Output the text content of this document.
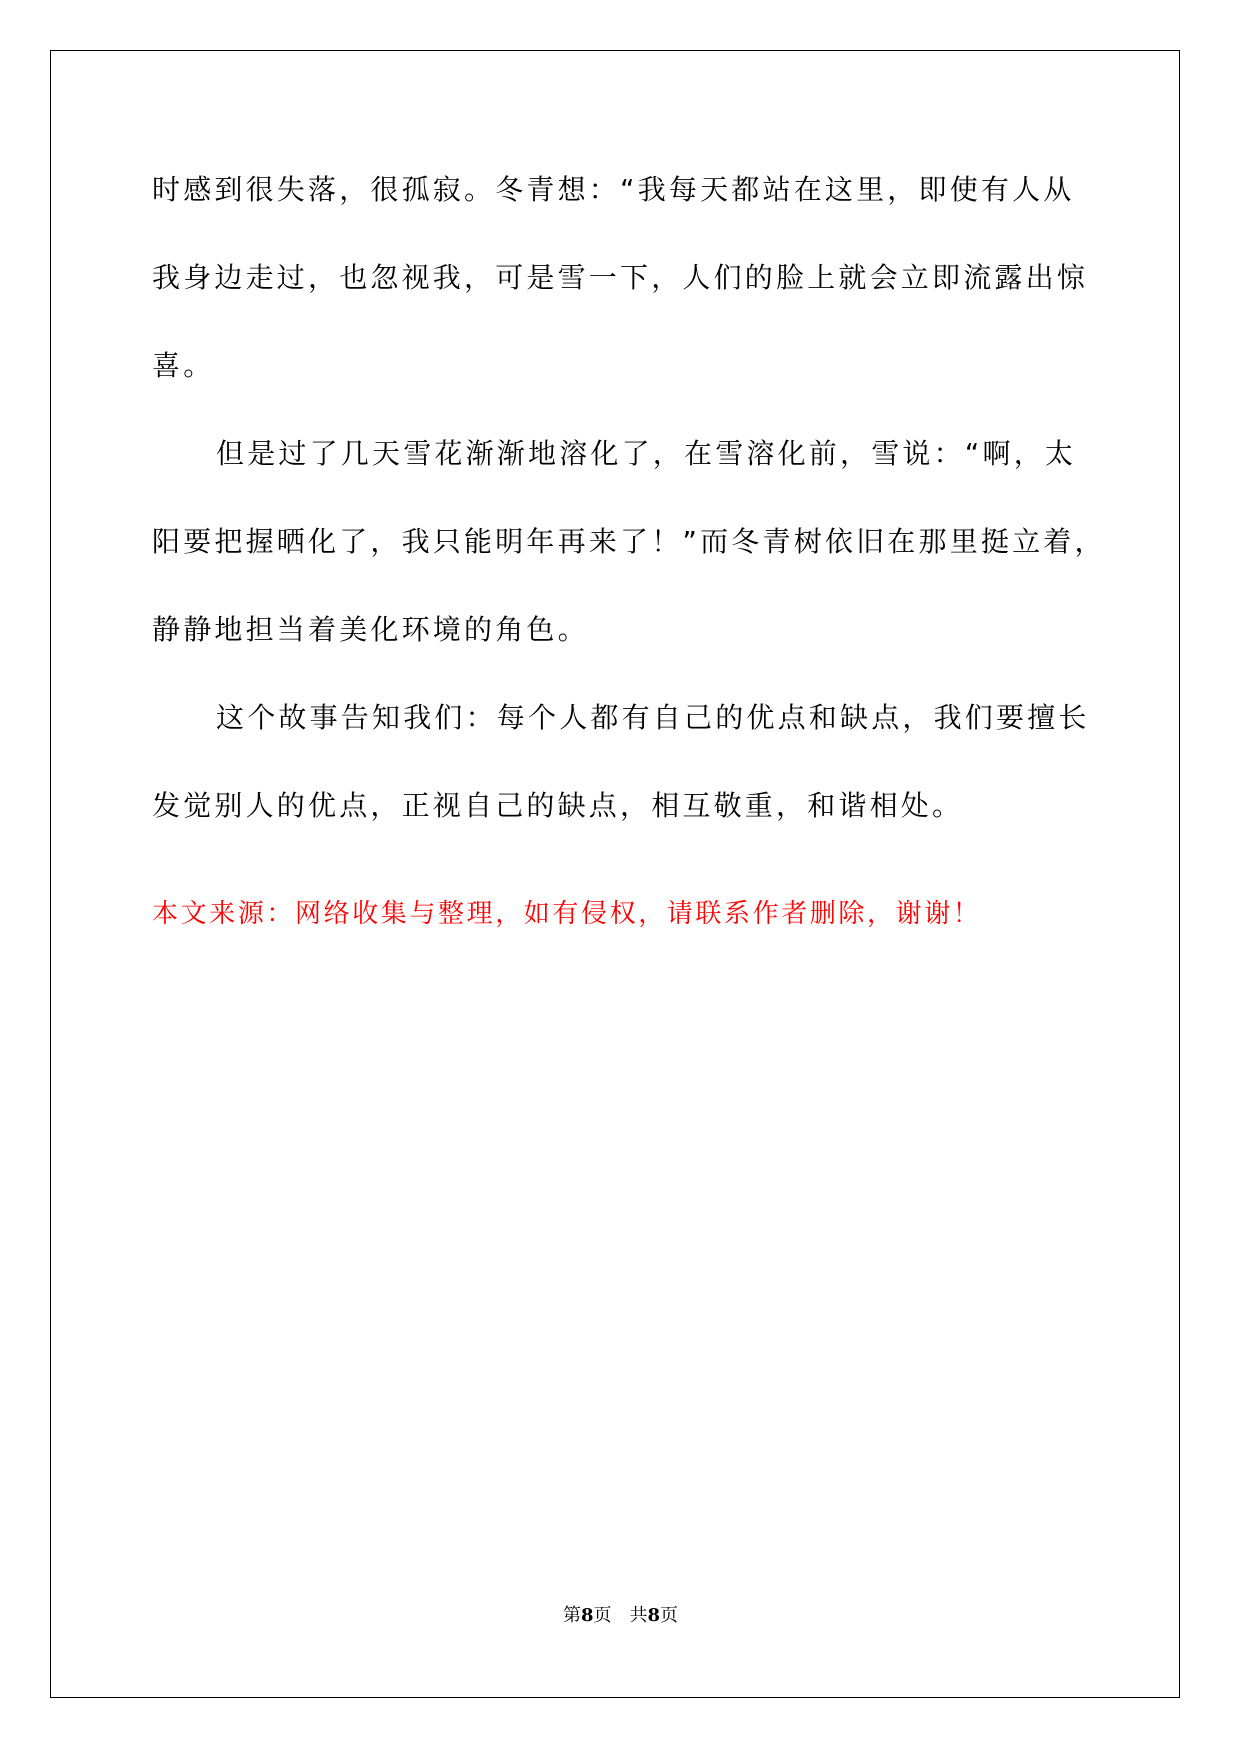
时感到很失落，很孤寂。冬青想：“我每天都站在这里，即使有人从
我身边走过，也忽视我，可是雪一下，人们的脸上就会立即流露出惊
喜。
但是过了几天雪花渐渐地溶化了，在雪溶化前，雪说：“啊，太
阳要把握晒化了，我只能明年再来了！”而冬青树依旧在那里挺立着，
静静地担当着美化环境的角色。
这个故事告知我们：每个人都有自己的优点和缺点，我们要擅长
发觉别人的优点，正视自己的缺点，相互敬重，和谐相处。
本文来源：网络收集与整理，如有侵权，请联系作者删除，谢谢！
第8页 共8页
